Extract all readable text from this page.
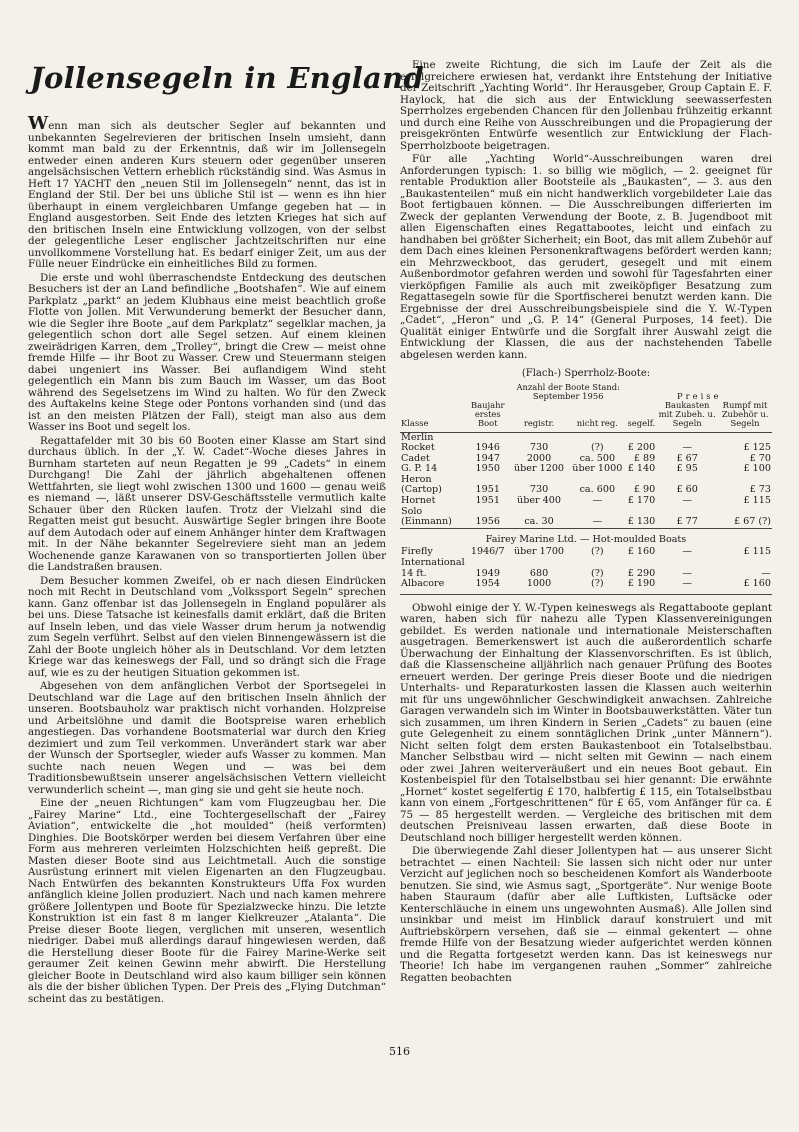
Jollensegeln in England

Wenn man sich als deutscher Segler auf bekannten und unbekannten Segelrevieren der britischen Inseln umsieht, dann kommt man bald zu der Erkenntnis, daß wir im Jollensegeln entweder einen anderen Kurs steuern oder gegenüber unseren angelsächsischen Vettern erheblich rückständig sind. Was Asmus in Heft 17 YACHT den „neuen Stil im Jollensegeln“ nennt, das ist in England der Stil. Der bei uns übliche Stil ist — wenn es ihn hier überhaupt in einem vergleichbaren Umfange gegeben hat — in England ausgestorben. Seit Ende des letzten Krieges hat sich auf den britischen Inseln eine Entwicklung vollzogen, von der selbst der gelegentliche Leser englischer Jachtzeitschriften nur eine unvollkommene Vorstellung hat. Es bedarf einiger Zeit, um aus der Fülle neuer Eindrücke ein einheitliches Bild zu formen.

Die erste und wohl überraschendste Entdeckung des deutschen Besuchers ist der an Land befindliche „Bootshafen“. Wie auf einem Parkplatz „parkt“ an jedem Klubhaus eine meist beachtlich große Flotte von Jollen. Mit Verwunderung bemerkt der Besucher dann, wie die Segler ihre Boote „auf dem Parkplatz“ segelklar machen, ja gelegentlich schon dort alle Segel setzen. Auf einem kleinen zweirädrigen Karren, dem „Trolley“, bringt die Crew — meist ohne fremde Hilfe — ihr Boot zu Wasser. Crew und Steuermann steigen dabei ungeniert ins Wasser. Bei auflandigem Wind steht gelegentlich ein Mann bis zum Bauch im Wasser, um das Boot während des Segelsetzens im Wind zu halten. Wo für den Zweck des Auftakelns keine Stege oder Pontons vorhanden sind (und das ist an den meisten Plätzen der Fall), steigt man also aus dem Wasser ins Boot und segelt los.

Regattafelder mit 30 bis 60 Booten einer Klasse am Start sind durchaus üblich. In der „Y. W. Cadet“-Woche dieses Jahres in Burnham starteten auf neun Regatten je 99 „Cadets“ in einem Durchgang! Die Zahl der jährlich abgehaltenen offenen Wettfahrten, sie liegt wohl zwischen 1300 und 1600 — genau weiß es niemand —, läßt unserer DSV-Geschäftsstelle vermutlich kalte Schauer über den Rücken laufen. Trotz der Vielzahl sind die Regatten meist gut besucht. Auswärtige Segler bringen ihre Boote auf dem Autodach oder auf einem Anhänger hinter dem Kraftwagen mit. In der Nähe bekannter Segelreviere sieht man an jedem Wochenende ganze Karawanen von so transportierten Jollen über die Landstraßen brausen.

Dem Besucher kommen Zweifel, ob er nach diesen Eindrücken noch mit Recht in Deutschland vom „Volkssport Segeln“ sprechen kann. Ganz offenbar ist das Jollensegeln in England populärer als bei uns. Diese Tatsache ist keinesfalls damit erklärt, daß die Briten auf Inseln leben, und das viele Wasser drum herum ja notwendig zum Segeln verführt. Selbst auf den vielen Binnengewässern ist die Zahl der Boote ungleich höher als in Deutschland. Vor dem letzten Kriege war das keineswegs der Fall, und so drängt sich die Frage auf, wie es zu der heutigen Situation gekommen ist.

Abgesehen von dem anfänglichen Verbot der Sportsegelei in Deutschland war die Lage auf den britischen Inseln ähnlich der unseren. Bootsbauholz war praktisch nicht vorhanden. Holzpreise und Arbeitslöhne und damit die Bootspreise waren erheblich angestiegen. Das vorhandene Bootsmaterial war durch den Krieg dezimiert und zum Teil verkommen. Unverändert stark war aber der Wunsch der Sportsegler, wieder aufs Wasser zu kommen. Man suchte nach neuen Wegen und — was bei dem Traditionsbewußtsein unserer angelsächsischen Vettern vielleicht verwunderlich scheint —, man ging sie und geht sie heute noch.

Eine der „neuen Richtungen“ kam vom Flugzeugbau her. Die „Fairey Marine“ Ltd., eine Tochtergesellschaft der „Fairey Aviation“, entwickelte die „hot moulded“ (heiß verformten) Dinghies. Die Bootskörper werden bei diesem Verfahren über eine Form aus mehreren verleimten Holzschichten heiß gepreßt. Die Masten dieser Boote sind aus Leichtmetall. Auch die sonstige Ausrüstung erinnert mit vielen Eigenarten an den Flugzeugbau. Nach Entwürfen des bekannten Konstrukteurs Uffa Fox wurden anfänglich kleine Jollen produziert. Nach und nach kamen mehrere größere Jollentypen und Boote für Spezialzwecke hinzu. Die letzte Konstruktion ist ein fast 8 m langer Kielkreuzer „Atalanta“. Die Preise dieser Boote liegen, verglichen mit unseren, wesentlich niedriger. Dabei muß allerdings darauf hingewiesen werden, daß die Herstellung dieser Boote für die Fairey Marine-Werke seit geraumer Zeit keinen Gewinn mehr abwirft. Die Herstellung gleicher Boote in Deutschland wird also kaum billiger sein können als die der bisher üblichen Typen. Der Preis des „Flying Dutchman“ scheint das zu bestätigen.

Eine zweite Richtung, die sich im Laufe der Zeit als die erfolgreichere erwiesen hat, verdankt ihre Entstehung der Initiative der Zeitschrift „Yachting World“. Ihr Herausgeber, Group Captain E. F. Haylock, hat die sich aus der Entwicklung seewasserfesten Sperrholzes ergebenden Chancen für den Jollenbau frühzeitig erkannt und durch eine Reihe von Ausschreibungen und die Propagierung der preisgekrönten Entwürfe wesentlich zur Entwicklung der Flach-Sperrholzboote beigetragen.

Für alle „Yachting World“-Ausschreibungen waren drei Anforderungen typisch: 1. so billig wie möglich, — 2. geeignet für rentable Produktion aller Bootsteile als „Baukasten“, — 3. aus den „Baukastenteilen“ muß ein nicht handwerklich vorgebildeter Laie das Boot fertigbauen können. — Die Ausschreibungen differierten im Zweck der geplanten Verwendung der Boote, z. B. Jugendboot mit allen Eigenschaften eines Regattabootes, leicht und einfach zu handhaben bei größter Sicherheit; ein Boot, das mit allem Zubehör auf dem Dach eines kleinen Personenkraftwagens befördert werden kann; ein Mehrzweckboot, das gerudert, gesegelt und mit einem Außenbordmotor gefahren werden und sowohl für Tagesfahrten einer vierköpfigen Familie als auch mit zweiköpfiger Besatzung zum Regattasegeln sowie für die Sportfischerei benutzt werden kann. Die Ergebnisse der drei Ausschreibungsbeispiele sind die Y. W.-Typen „Cadet“, „Heron“ und „G. P. 14“ (General Purposes, 14 feet). Die Qualität einiger Entwürfe und die Sorgfalt ihrer Auswahl zeigt die Entwicklung der Klassen, die aus der nachstehenden Tabelle abgelesen werden kann.

(Flach-) Sperrholz-Boote:
Klasse	Baujahr erstes Boot	Anzahl der Boote Stand: September 1956		Preise		
		registr.	nicht reg.	segelf.	Baukasten mit Zubeh. u. Segeln	Rumpf mit Zubehör u. Segeln
Merlin						
Rocket	1946	730	(?)	£ 200	—	£ 125
Cadet	1947	2000	ca. 500	£ 89	£ 67	£ 70
G. P. 14	1950	über 1200	über 1000	£ 140	£ 95	£ 100
Heron						
(Cartop)	1951	730	ca. 600	£ 90	£ 60	£ 73
Hornet	1951	über 400	—	£ 170	—	£ 115
Solo						
(Einmann)	1956	ca. 30	—	£ 130	£ 77	£ 67 (?)
Fairey Marine Ltd. — Hot-moulded Boats						
Firefly	1946/7	über 1700	(?)	£ 160	—	£ 115
International						
14 ft.	1949	680	(?)	£ 290	—	—
Albacore	1954	1000	(?)	£ 190	—	£ 160

Obwohl einige der Y. W.-Typen keineswegs als Regattaboote geplant waren, haben sich für nahezu alle Typen Klassenvereinigungen gebildet. Es werden nationale und internationale Meisterschaften ausgetragen. Bemerkenswert ist auch die außerordentlich scharfe Überwachung der Einhaltung der Klassenvorschriften. Es ist üblich, daß die Klassenscheine alljährlich nach genauer Prüfung des Bootes erneuert werden. Der geringe Preis dieser Boote und die niedrigen Unterhalts- und Reparaturkosten lassen die Klassen auch weiterhin mit für uns ungewöhnlicher Geschwindigkeit anwachsen. Zahlreiche Garagen verwandeln sich im Winter in Bootsbauwerkstätten. Väter tun sich zusammen, um ihren Kindern in Serien „Cadets“ zu bauen (eine gute Gelegenheit zu einem sonntäglichen Drink „unter Männern“). Nicht selten folgt dem ersten Baukastenboot ein Totalselbstbau. Mancher Selbstbau wird — nicht selten mit Gewinn — nach einem oder zwei Jahren weiterveräußert und ein neues Boot gebaut. Ein Kostenbeispiel für den Totalselbstbau sei hier genannt: Die erwähnte „Hornet“ kostet segelfertig £ 170, halbfertig £ 115, ein Totalselbstbau kann von einem „Fortgeschrittenen“ für £ 65, vom Anfänger für ca. £ 75 — 85 hergestellt werden. — Vergleiche des britischen mit dem deutschen Preisniveau lassen erwarten, daß diese Boote in Deutschland noch billiger hergestellt werden können.

Die überwiegende Zahl dieser Jollentypen hat — aus unserer Sicht betrachtet — einen Nachteil: Sie lassen sich nicht oder nur unter Verzicht auf jeglichen noch so bescheidenen Komfort als Wanderboote benutzen. Sie sind, wie Asmus sagt, „Sportgeräte“. Nur wenige Boote haben Stauraum (dafür aber alle Luftkisten, Luftsäcke oder Kenterschläuche in einem uns ungewohnten Ausmaß). Alle Jollen sind unsinkbar und meist im Hinblick darauf konstruiert und mit Auftriebskörpern versehen, daß sie — einmal gekentert — ohne fremde Hilfe von der Besatzung wieder aufgerichtet werden können und die Regatta fortgesetzt werden kann. Das ist keineswegs nur Theorie! Ich habe im vergangenen rauhen „Sommer“ zahlreiche Regatten beobachten

516
